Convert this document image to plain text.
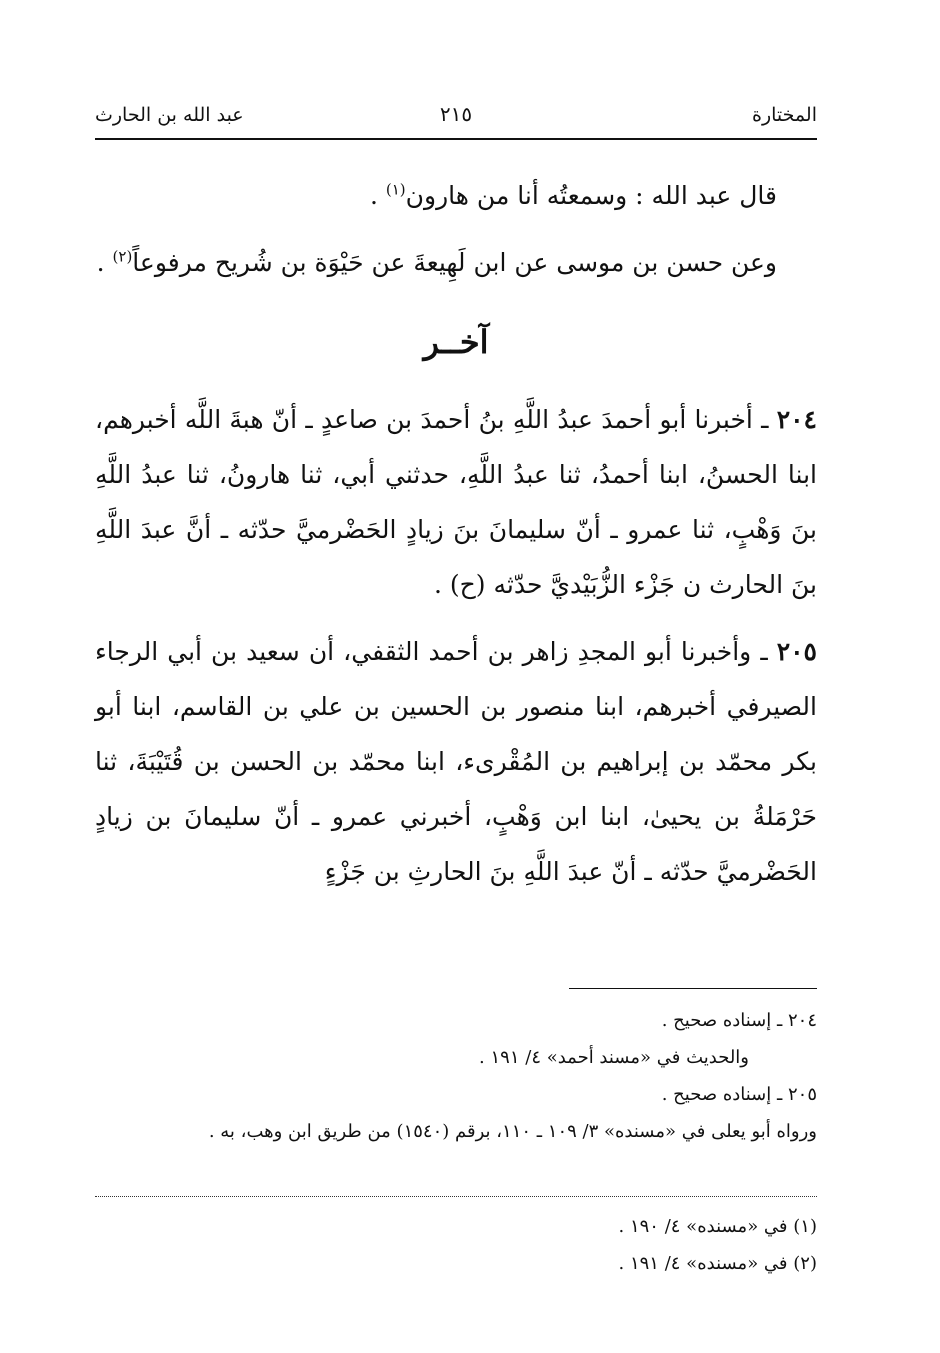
المختارة
٢١٥
عبد الله بن الحارث

قال عبد الله : وسمعتُه أنا من هارون$^{(١)}$ .

وعن حسن بن موسى عن ابن لَهِيعةَ عن حَيْوَة بن شُريح مرفوعاً$^{(٢)}$ .

آخــر

٢٠٤ ـ أخبرنا أبو أحمدَ عبدُ اللَّهِ بنُ أحمدَ بن صاعدٍ ـ أنّ هبةَ اللَّه أخبرهم، ابنا الحسنُ، ابنا أحمدُ، ثنا عبدُ اللَّهِ، حدثني أبي، ثنا هارونُ، ثنا عبدُ اللَّهِ بنَ وَهْبٍ، ثنا عمرو ـ أنّ سليمانَ بنَ زيادٍ الحَضْرميَّ حدّثه ـ أنَّ عبدَ اللَّهِ بنَ الحارث ن جَزْء الزُّبَيْديَّ حدّثه (ح) .

٢٠٥ ـ وأخبرنا أبو المجدِ زاهر بن أحمد الثقفي، أن سعيد بن أبي الرجاء الصيرفي أخبرهم، ابنا منصور بن الحسين بن علي بن القاسم، ابنا أبو بكر محمّد بن إبراهيم بن المُقْرىء، ابنا محمّد بن الحسن بن قُتَيْبَةَ، ثنا حَرْمَلةُ بن يحيىٰ، ابنا ابن وَهْبٍ، أخبرني عمرو ـ أنّ سليمانَ بن زيادٍ الحَضْرميَّ حدّثه ـ أنّ عبدَ اللَّهِ بنَ الحارثِ بن جَزْءٍ

٢٠٤ ـ إسناده صحيح .

والحديث في «مسند أحمد» ٤/ ١٩١ .

٢٠٥ ـ إسناده صحيح .

ورواه أبو يعلى في «مسنده» ٣/ ١٠٩ ـ ١١٠، برقم (١٥٤٠) من طريق ابن وهب، به .

(١) في «مسنده» ٤/ ١٩٠ .

(٢) في «مسنده» ٤/ ١٩١ .
